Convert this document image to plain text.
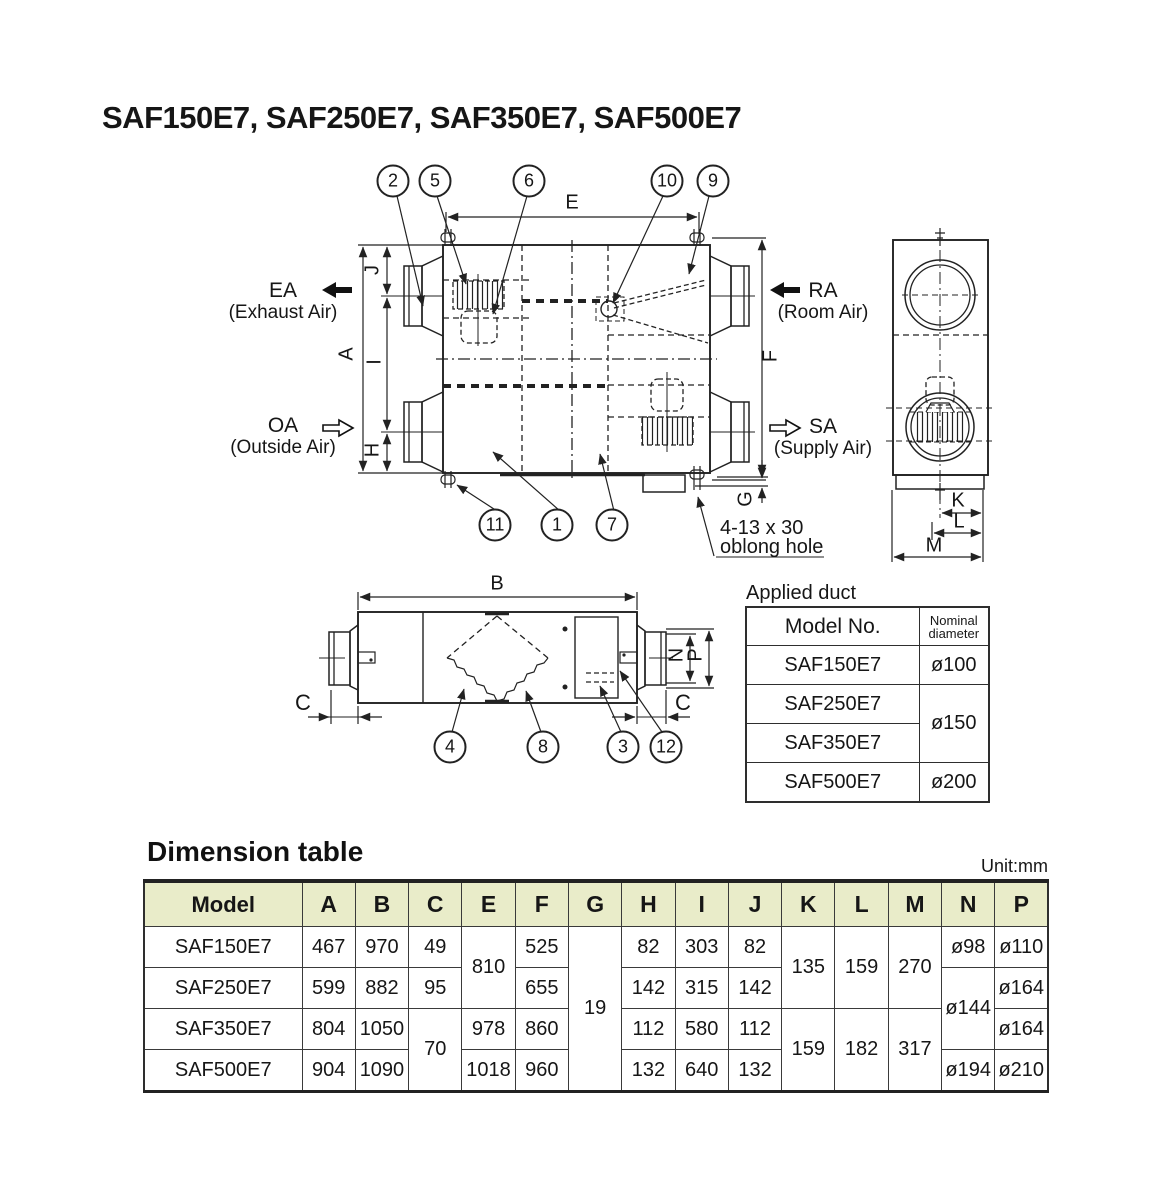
SAF150E7, SAF250E7, SAF350E7, SAF500E7
EA
(Exhaust Air)
OA
(Outside Air)
RA
(Room Air)
SA
(Supply Air)
4-13 x 30
oblong hole
E
J
A
I
H
F
G
B
C	C
N
P
K
L
M
2	5	6	10	9
11	1	7
4	8	3	12
Applied duct
Model No.	Nominal
diameter
SAF150E7	ø100
SAF250E7	ø150
SAF350E7	
SAF500E7	ø200
Dimension table	Unit:mm
Model	A	B	C	E	F	G	H	I	J	K	L	M	N	P
SAF150E7	467	970	49	810	525	19	82	303	82	135	159	270	ø98	ø110
SAF250E7	599	882	95		655		142	315	142				ø144	ø164
SAF350E7	804	1050	70	978	860		112	580	112	159	182	317		ø164
SAF500E7	904	1090		1018	960		132	640	132				ø194	ø210
